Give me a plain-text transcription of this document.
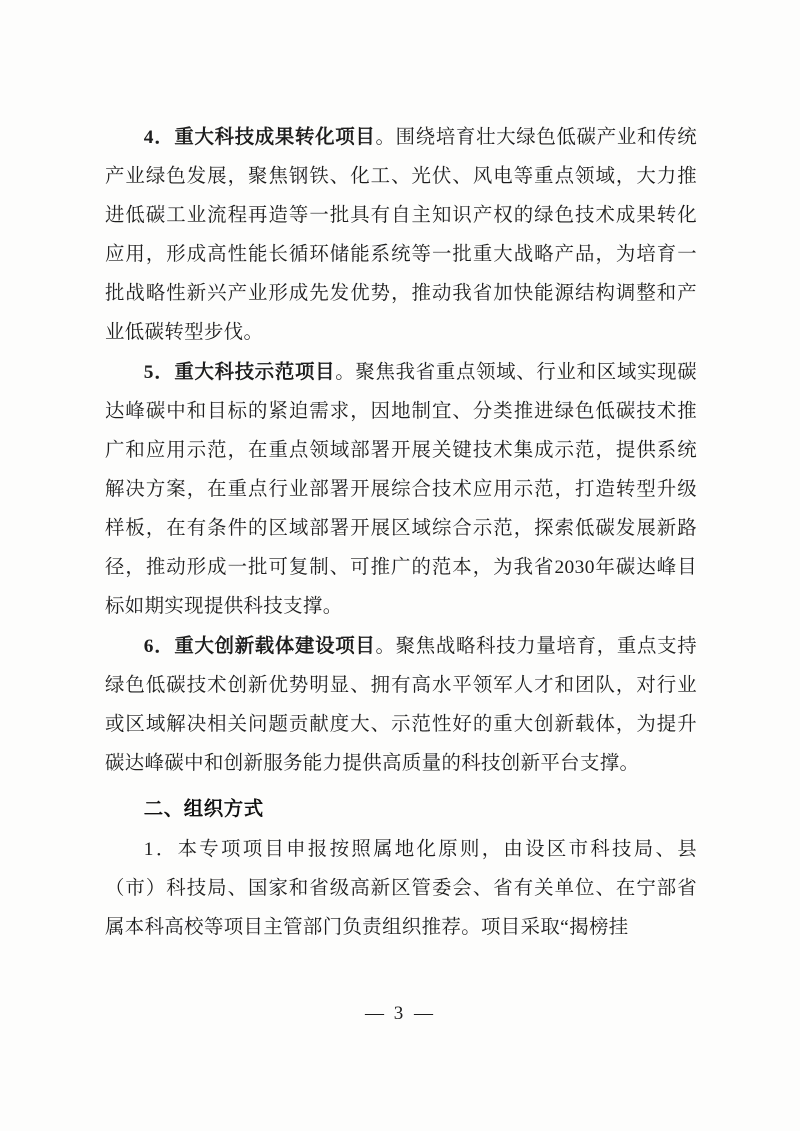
4．重大科技成果转化项目。围绕培育壮大绿色低碳产业和传统产业绿色发展，聚焦钢铁、化工、光伏、风电等重点领域，大力推进低碳工业流程再造等一批具有自主知识产权的绿色技术成果转化应用，形成高性能长循环储能系统等一批重大战略产品，为培育一批战略性新兴产业形成先发优势，推动我省加快能源结构调整和产业低碳转型步伐。

5．重大科技示范项目。聚焦我省重点领域、行业和区域实现碳达峰碳中和目标的紧迫需求，因地制宜、分类推进绿色低碳技术推广和应用示范，在重点领域部署开展关键技术集成示范，提供系统解决方案，在重点行业部署开展综合技术应用示范，打造转型升级样板，在有条件的区域部署开展区域综合示范，探索低碳发展新路径，推动形成一批可复制、可推广的范本，为我省2030年碳达峰目标如期实现提供科技支撑。

6．重大创新载体建设项目。聚焦战略科技力量培育，重点支持绿色低碳技术创新优势明显、拥有高水平领军人才和团队，对行业或区域解决相关问题贡献度大、示范性好的重大创新载体，为提升碳达峰碳中和创新服务能力提供高质量的科技创新平台支撑。

二、组织方式

1．本专项项目申报按照属地化原则，由设区市科技局、县（市）科技局、国家和省级高新区管委会、省有关单位、在宁部省属本科高校等项目主管部门负责组织推荐。项目采取“揭榜挂

— 3 —
